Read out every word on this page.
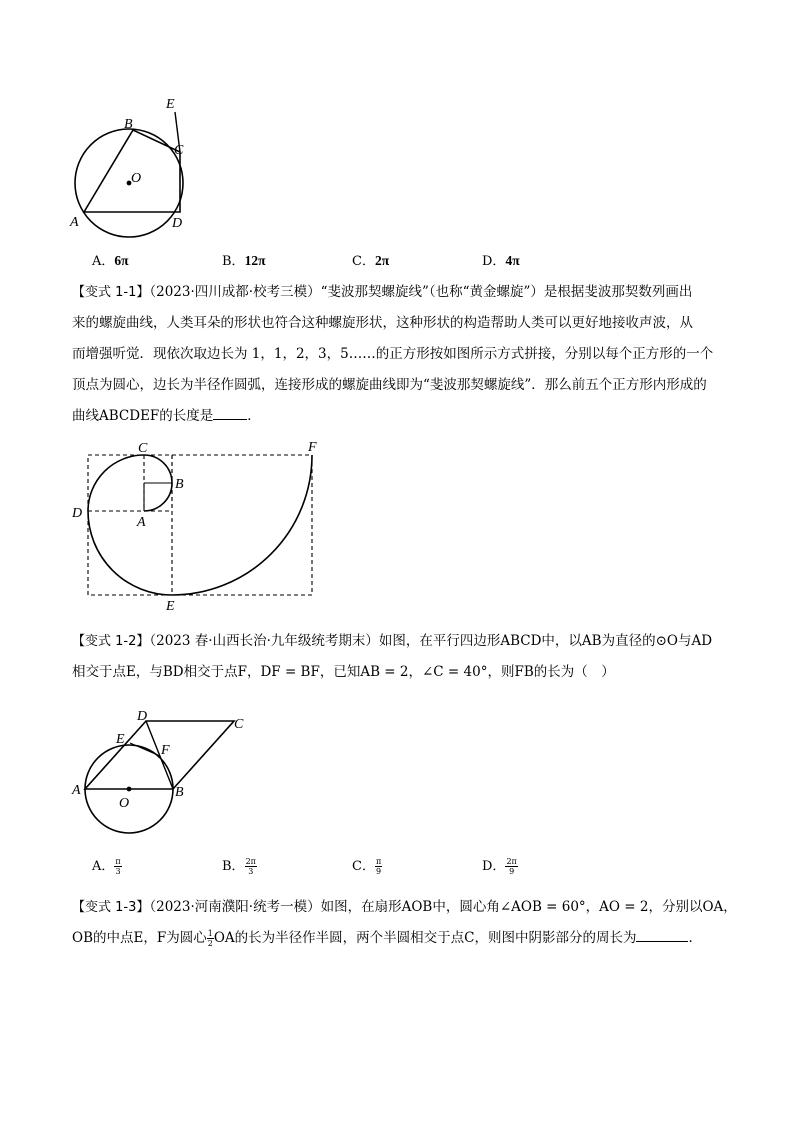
E
B
C
O
A	D
A．6π	B．12π	C．2π	D．4π
【变式 1-1】（2023·四川成都·校考三模）“斐波那契螺旋线”（也称“黄金螺旋”）是根据斐波那契数列画出
来的螺旋曲线，人类耳朵的形状也符合这种螺旋形状，这种形状的构造帮助人类可以更好地接收声波，从
而增强听觉．现依次取边长为 1，1，2，3，5……的正方形按如图所示方式拼接，分别以每个正方形的一个
顶点为圆心，边长为半径作圆弧，连接形成的螺旋曲线即为“斐波那契螺旋线”．那么前五个正方形内形成的
曲线ABCDEF的长度是	．
C
B
D
A
E
F
【变式 1-2】（2023 春·山西长治·九年级统考期末）如图，在平行四边形ABCD中，以AB为直径的⊙O与AD
相交于点E，与BD相交于点F，DF = BF，已知AB = 2，∠C = 40°，则FB的长为（　）
D
C
E
F
A
O
B
A． $\frac{\pi}{3}$	B． $\frac{2\pi}{3}$	C． $\frac{\pi}{9}$	D． $\frac{2\pi}{9}$
【变式 1-3】（2023·河南濮阳·统考一模）如图，在扇形AOB中，圆心角∠AOB = 60°，AO = 2，分别以OA，
OB的中点E，F为圆心 $\frac{1}{2}$ OA的长为半径作半圆，两个半圆相交于点C，则图中阴影部分的周长为	．
